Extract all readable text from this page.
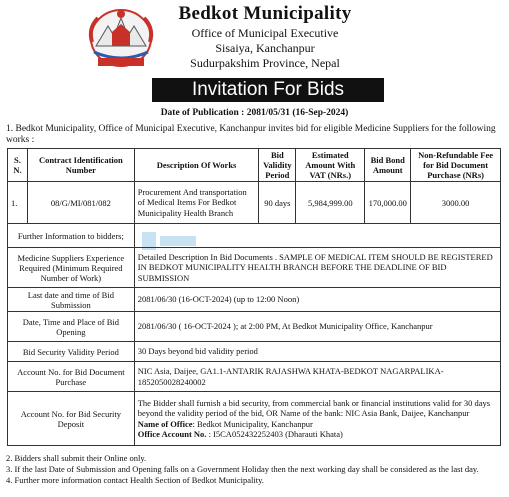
Bedkot Municipality
Office of Municipal Executive
Sisaiya, Kanchanpur
Sudurpakshim Province, Nepal
Invitation For Bids
Date of Publication : 2081/05/31 (16-Sep-2024)
1. Bedkot Municipality, Office of Municipal Executive, Kanchanpur invites bid for eligible Medicine Suppliers for the following works :
S. N.	Contract Identification Number	Description Of Works	Bid Validity Period	Estimated Amount With VAT (NRs.)	Bid Bond Amount	Non-Refundable Fee for Bid Document Purchase (NRs)
1.	08/G/MI/081/082	Procurement And transportation of Medical Items For Bedkot Municipality Health Branch	90 days	5,984,999.00	170,000.00	3000.00
Further Information to bidders;						
Medicine Suppliers Experience Required (Minimum Required Number of Work)		Detailed Description In Bid Documents . SAMPLE OF MEDICAL ITEM SHOULD BE REGISTERED IN BEDKOT MUNICIPALITY HEALTH BRANCH BEFORE THE DEADLINE OF BID SUBMISSION				
Last date and time of Bid Submission		2081/06/30 (16-OCT-2024) (up to 12:00 Noon)				
Date, Time and Place of Bid Opening		2081/06/30 ( 16-OCT-2024 ); at 2:00 PM, At Bedkot Municipality Office, Kanchanpur				
Bid Security Validity Period		30 Days beyond bid validity period				
Account No. for Bid Document Purchase		NIC Asia, Daijee, GA1.1-ANTARIK RAJASHWA KHATA-BEDKOT NAGARPALIKA-1852050028240002				
Account No. for Bid Security Deposit		The Bidder shall furnish a bid security, from commercial bank or financial institutions valid for 30 days beyond the validity period of the bid, OR Name of the bank: NIC Asia Bank, Daijee, Kanchanpur
Name of Office: Bedkot Municipality, Kanchanpur
Office Account No. : I5CA052432252403 (Dharauti Khata)				
2. Bidders shall submit their Online only.
3. If the last Date of Submission and Opening falls on a Government Holiday then the next working day shall be considered as the last day.
4. Further more information contact Health Section of Bedkot Municipality.
